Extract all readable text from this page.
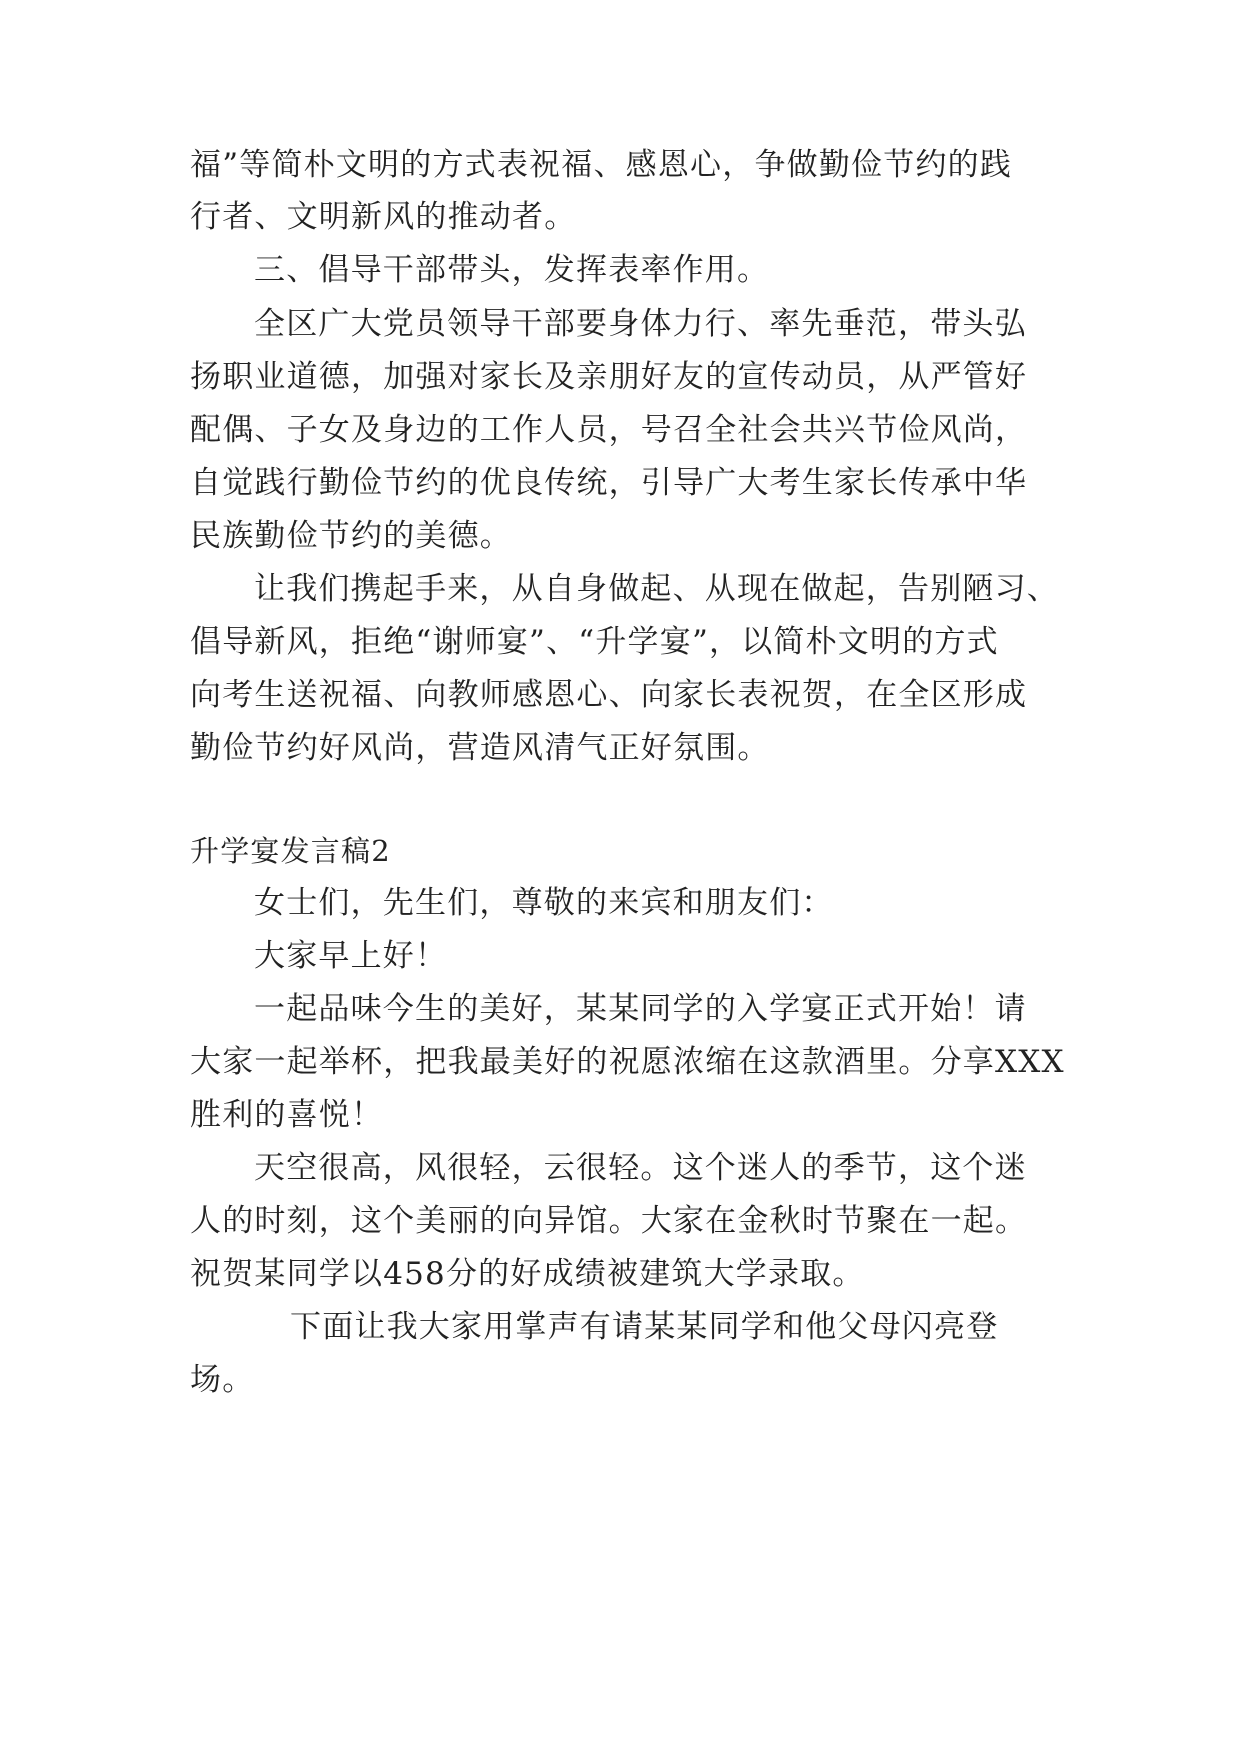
福”等简朴文明的方式表祝福、感恩心，争做勤俭节约的践
行者、文明新风的推动者。
三、倡导干部带头，发挥表率作用。
全区广大党员领导干部要身体力行、率先垂范，带头弘
扬职业道德，加强对家长及亲朋好友的宣传动员，从严管好
配偶、子女及身边的工作人员，号召全社会共兴节俭风尚，
自觉践行勤俭节约的优良传统，引导广大考生家长传承中华
民族勤俭节约的美德。
让我们携起手来，从自身做起、从现在做起，告别陋习、
倡导新风，拒绝“谢师宴”、“升学宴”，以简朴文明的方式
向考生送祝福、向教师感恩心、向家长表祝贺，在全区形成
勤俭节约好风尚，营造风清气正好氛围。
升学宴发言稿2
女士们，先生们，尊敬的来宾和朋友们：
大家早上好！
一起品味今生的美好，某某同学的入学宴正式开始！请
大家一起举杯，把我最美好的祝愿浓缩在这款酒里。分享XXX
胜利的喜悦！
天空很高，风很轻，云很轻。这个迷人的季节，这个迷
人的时刻，这个美丽的向异馆。大家在金秋时节聚在一起。
祝贺某同学以458分的好成绩被建筑大学录取。
下面让我大家用掌声有请某某同学和他父母闪亮登
场。
